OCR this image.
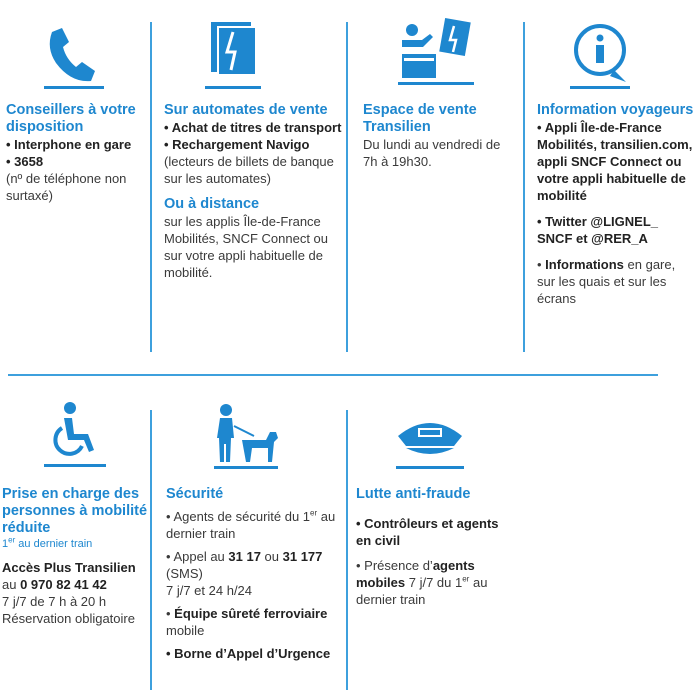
Conseillers à votre disposition
• Interphone en gare
• 3658
(nº de téléphone non surtaxé)
Sur automates de vente
• Achat de titres de transport
• Rechargement Navigo
(lecteurs de billets de banque sur les automates)
Ou à distance
sur les applis Île-de-France Mobilités, SNCF Connect ou sur votre appli habituelle de mobilité.
Espace de vente Transilien
Du lundi au vendredi de 7h à 19h30.
Information voyageurs
• Appli Île-de-France Mobilités, transilien.com, appli SNCF Connect ou votre appli habituelle de mobilité
• Twitter @LIGNEL_ SNCF et @RER_A
• Informations en gare, sur les quais et sur les écrans
Prise en charge des personnes à mobilité réduite
1er au dernier train
Accès Plus Transilien
au 0 970 82 41 42
7 j/7 de 7 h à 20 h
Réservation obligatoire
Sécurité
• Agents de sécurité du 1er au dernier train
• Appel au 31 17 ou 31 177 (SMS)
7 j/7 et 24 h/24
• Équipe sûreté ferroviaire mobile
• Borne d’Appel d’Urgence
Lutte anti-fraude
• Contrôleurs et agents en civil
• Présence d’agents mobiles 7 j/7 du 1er au dernier train
